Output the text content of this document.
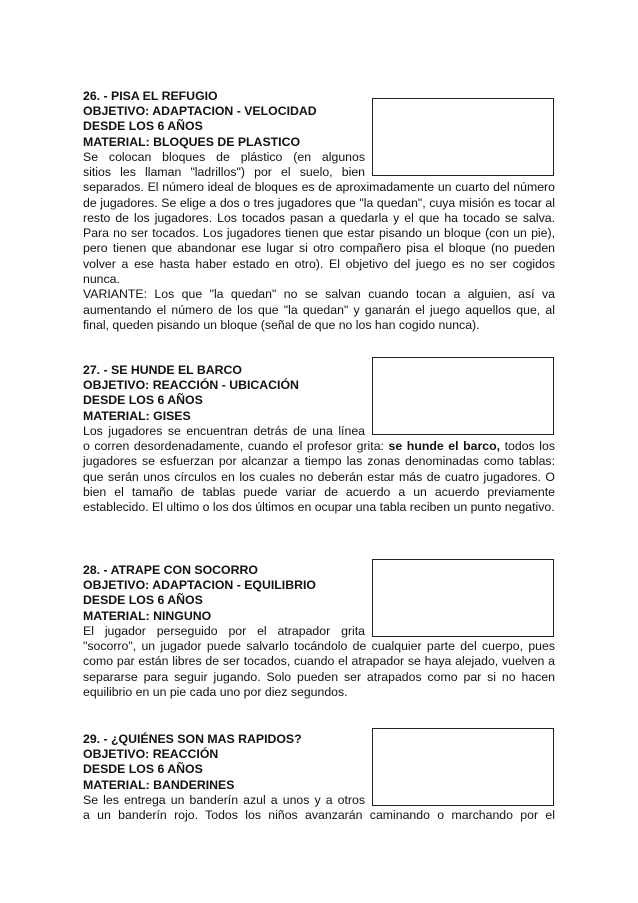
26. - PISA EL REFUGIO

OBJETIVO: ADAPTACION - VELOCIDAD

DESDE LOS 6 AÑOS

MATERIAL: BLOQUES DE PLASTICO

Se colocan bloques de plástico (en algunos

sitios les llaman "ladrillos") por el suelo, bien

separados. El número ideal de bloques es de aproximadamente un cuarto del número de jugadores. Se elige a dos o tres jugadores que "la quedan", cuya misión es tocar al resto de los jugadores. Los tocados pasan a quedarla y el que ha tocado se salva. Para no ser tocados. Los jugadores tienen que estar pisando un bloque (con un pie), pero tienen que abandonar ese lugar si otro compañero pisa el bloque (no pueden volver a ese hasta haber estado en otro). El objetivo del juego es no ser cogidos nunca.

VARIANTE: Los que "la quedan" no se salvan cuando tocan a alguien, así va aumentando el número de los que "la quedan" y ganarán el juego aquellos que, al final, queden pisando un bloque (señal de que no los han cogido nunca).

27. - SE HUNDE EL BARCO

OBJETIVO: REACCIÓN - UBICACIÓN

DESDE LOS 6 AÑOS

MATERIAL: GISES

Los jugadores se encuentran detrás de una línea

o corren desordenadamente, cuando el profesor grita: se hunde el barco, todos los jugadores se esfuerzan por alcanzar a tiempo las zonas denominadas como tablas: que serán unos círculos en los cuales no deberán estar más de cuatro jugadores. O bien el tamaño de tablas puede variar de acuerdo a un acuerdo previamente establecido. El ultimo o los dos últimos en ocupar una tabla reciben un punto negativo.

28. - ATRAPE CON SOCORRO

OBJETIVO: ADAPTACION - EQUILIBRIO

DESDE LOS 6 AÑOS

MATERIAL: NINGUNO

El jugador perseguido por el atrapador grita

"socorro", un jugador puede salvarlo tocándolo de cualquier parte del cuerpo, pues como par están libres de ser tocados, cuando el atrapador se haya alejado, vuelven a separarse para seguir jugando. Solo pueden ser atrapados como par si no hacen equilibrio en un pie cada uno por diez segundos.

29. - ¿QUIÉNES SON MAS RAPIDOS?

OBJETIVO: REACCIÓN

DESDE LOS 6 AÑOS

MATERIAL: BANDERINES

Se les entrega un banderín azul a unos y a otros

a un banderín rojo. Todos los niños avanzarán caminando o marchando por el
